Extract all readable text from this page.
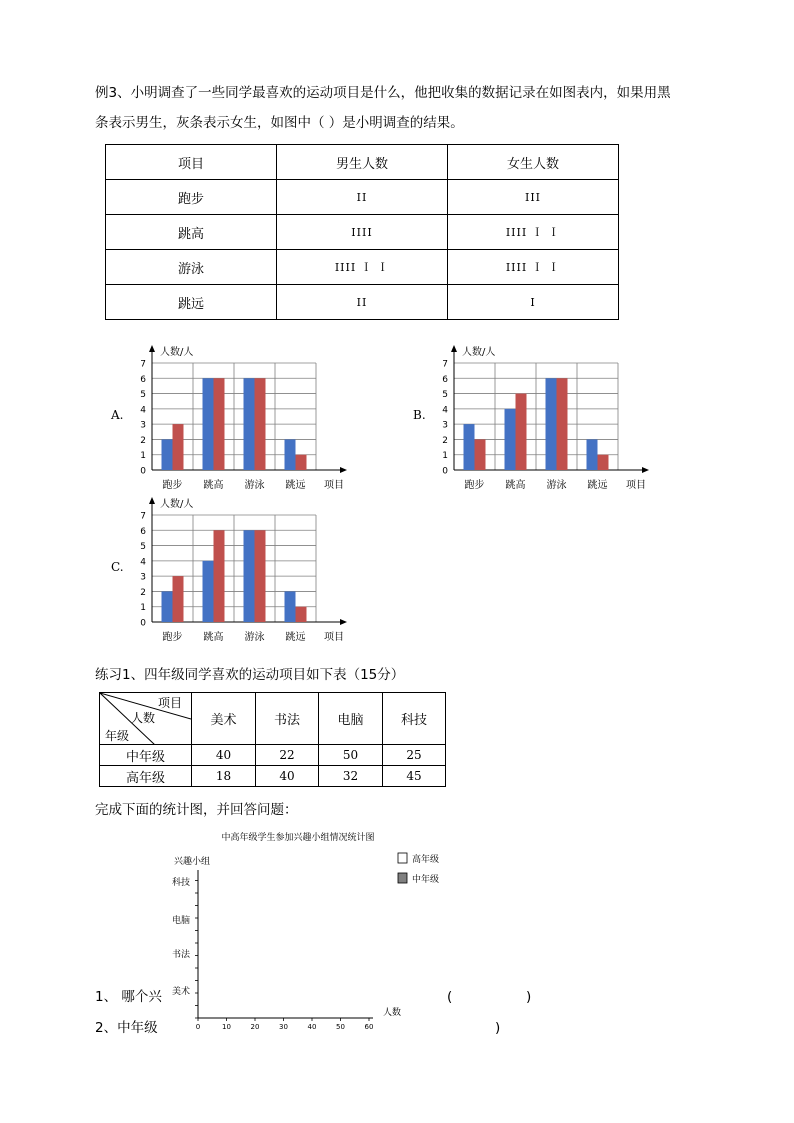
例3、小明调查了一些同学最喜欢的运动项目是什么，他把收集的数据记录在如图表内，如果用黑
条表示男生，灰条表示女生，如图中（ ）是小明调查的结果。
项目	男生人数	女生人数
跑步	II	III
跳高	IIII	IIII Ｉ Ｉ
游泳	IIII Ｉ Ｉ	IIII Ｉ Ｉ
跳远	II	I
A.	B.
C.
0
1
2
3
4
5
6
7
人数/人
跑步 跳高 游泳 跳远 项目
0
1
2
3
4
5
6
7
人数/人
跑步 跳高 游泳 跳远 项目
0
1
2
3
4
5
6
7
人数/人
跑步 跳高 游泳 跳远 项目
练习1、四年级同学喜欢的运动项目如下表（15分）
项目
人数
年级	美术	书法	电脑	科技
中年级	40	22	50	25
高年级	18	40	32	45
完成下面的统计图，并回答问题：
1、 哪个兴	(	)
2、中年级	)
中高年级学生参加兴趣小组情况统计图
兴趣小组
人数
0	10	20	30	40	50	60
美术
书法
电脑
科技
高年级
中年级
